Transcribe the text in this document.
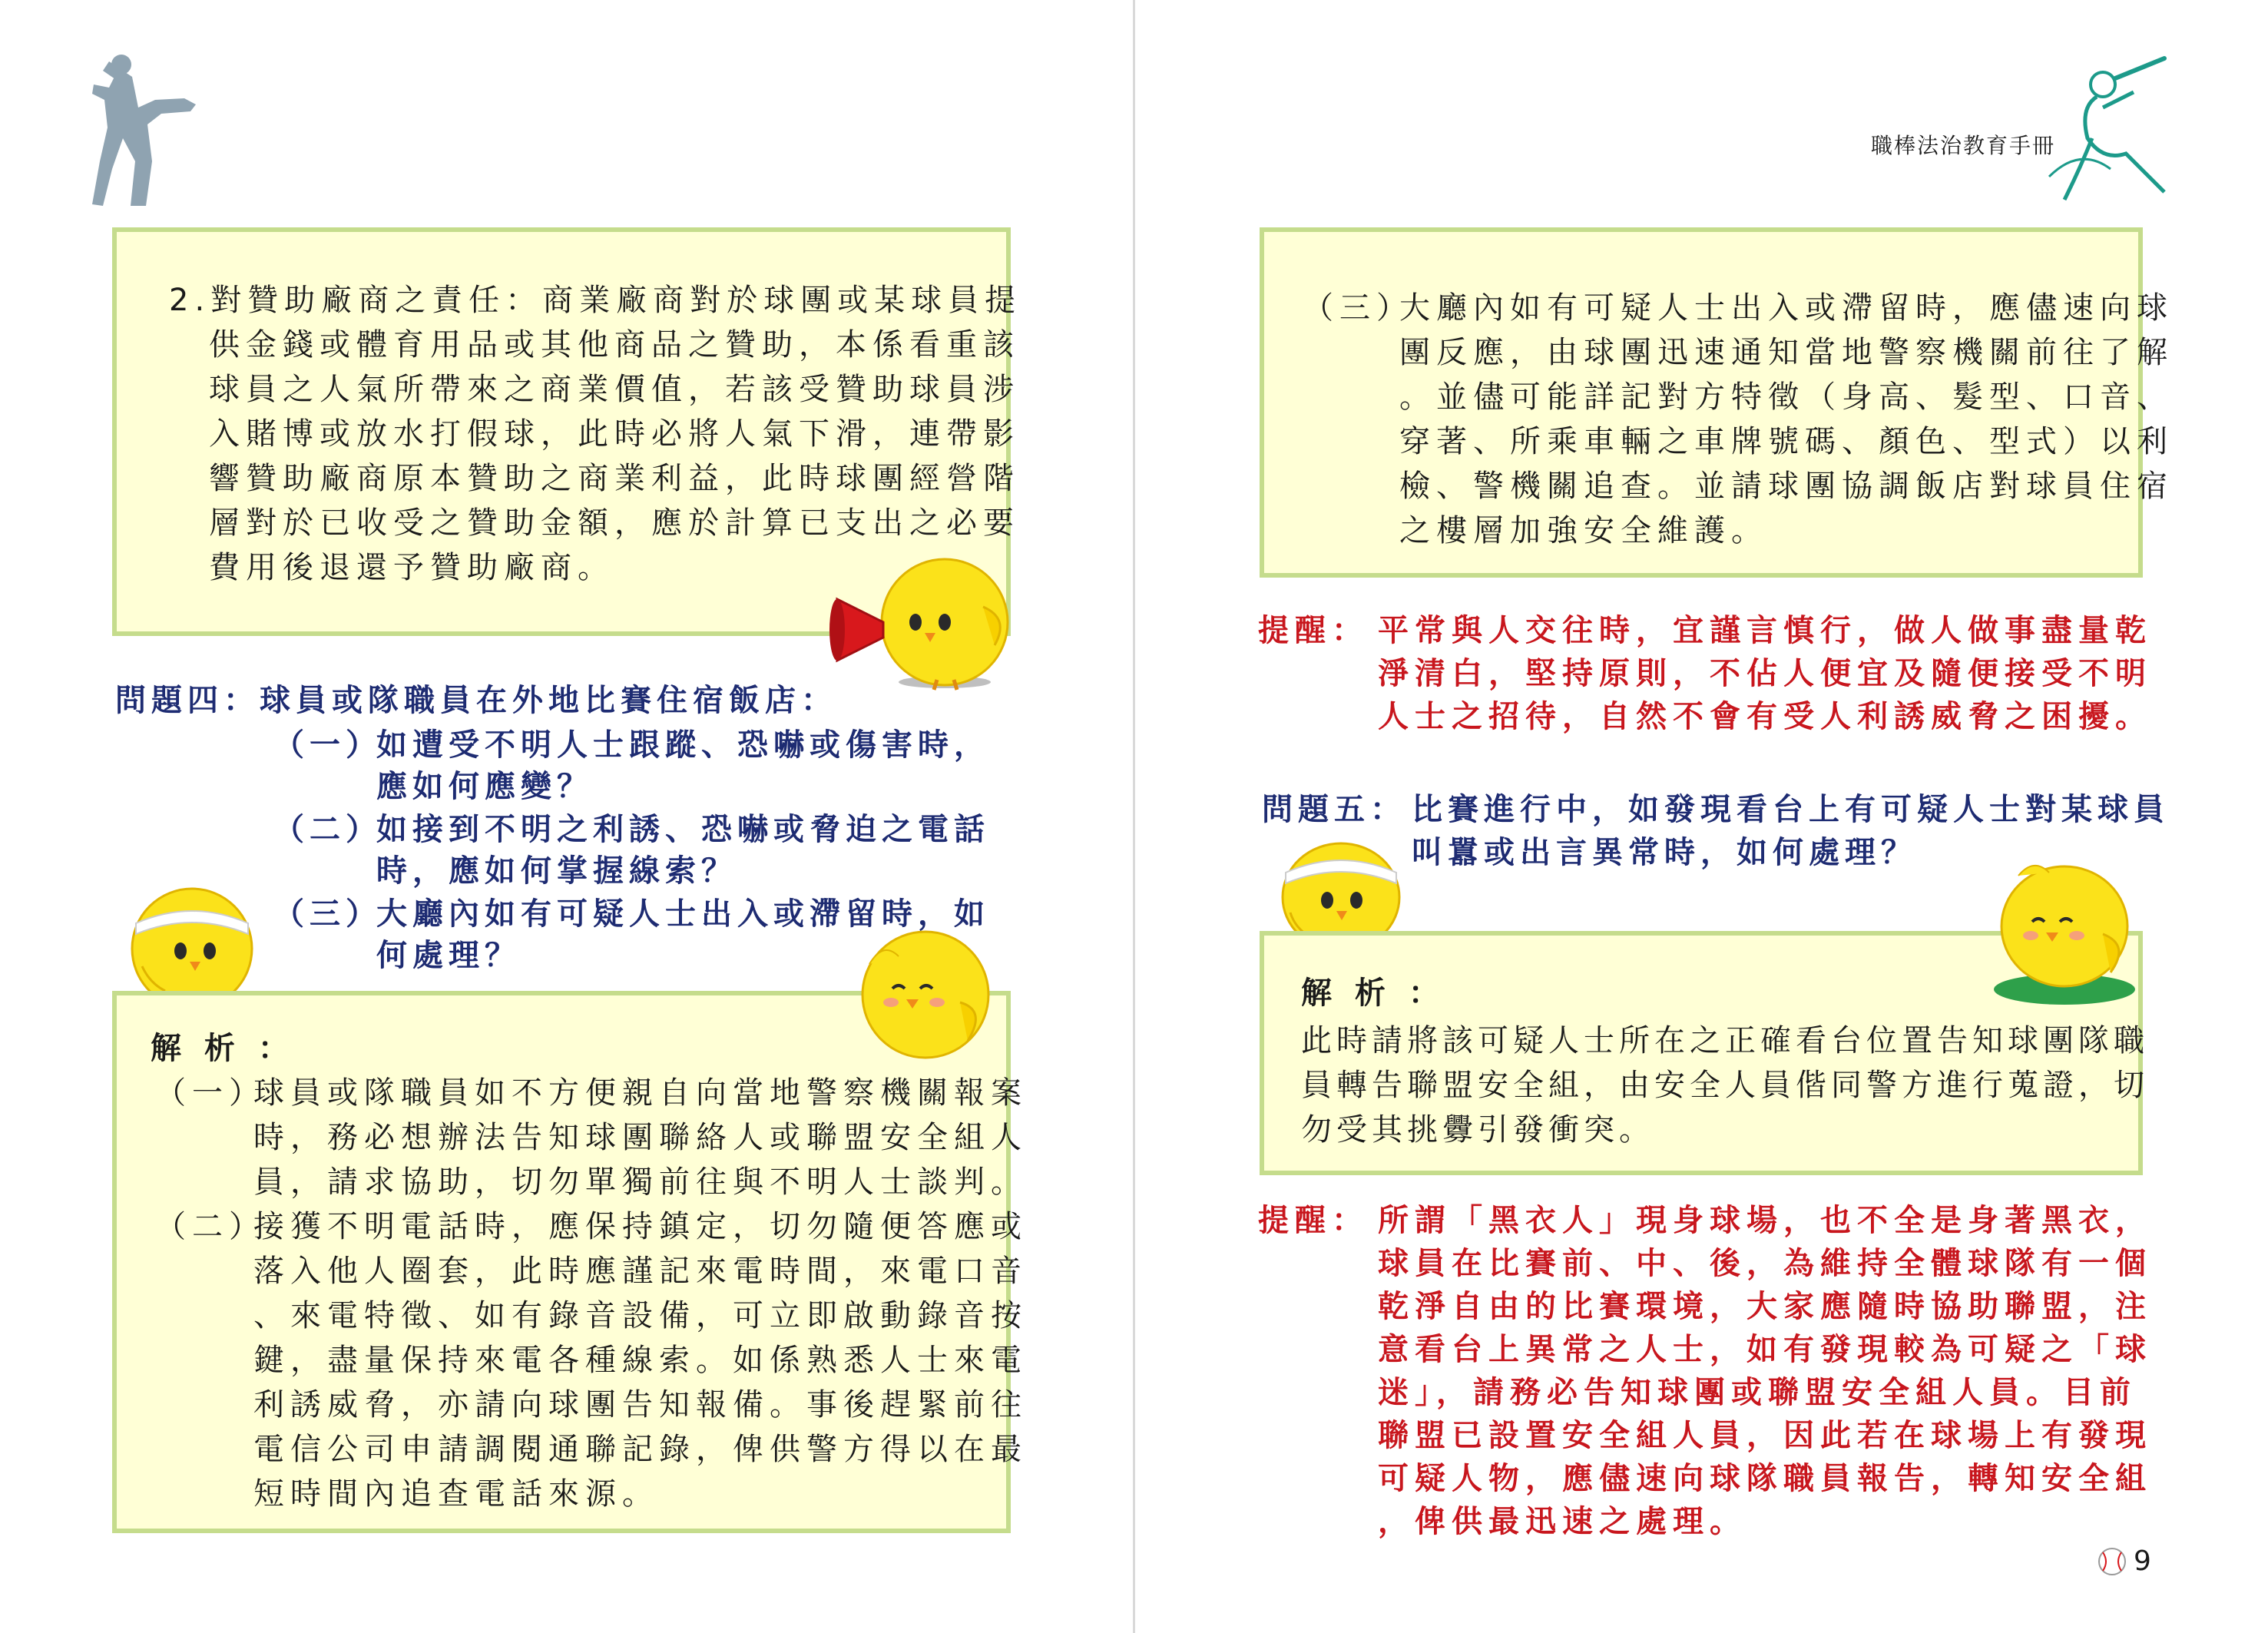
2.對贊助廠商之責任：商業廠商對於球團或某球員提
供金錢或體育用品或其他商品之贊助，本係看重該
球員之人氣所帶來之商業價值，若該受贊助球員涉
入賭博或放水打假球，此時必將人氣下滑，連帶影
響贊助廠商原本贊助之商業利益，此時球團經營階
層對於已收受之贊助金額，應於計算已支出之必要
費用後退還予贊助廠商。
問題四：球員或隊職員在外地比賽住宿飯店：
（一）
如遭受不明人士跟蹤、恐嚇或傷害時，
應如何應變？
（二）
如接到不明之利誘、恐嚇或脅迫之電話
時，應如何掌握線索？
（三）
大廳內如有可疑人士出入或滯留時，如
何處理？
解 析 ：
（一）
球員或隊職員如不方便親自向當地警察機關報案
時，務必想辦法告知球團聯絡人或聯盟安全組人
員，請求協助，切勿單獨前往與不明人士談判。
（二）
接獲不明電話時，應保持鎮定，切勿隨便答應或
落入他人圈套，此時應謹記來電時間，來電口音
、來電特徵、如有錄音設備，可立即啟動錄音按
鍵，盡量保持來電各種線索。如係熟悉人士來電
利誘威脅，亦請向球團告知報備。事後趕緊前往
電信公司申請調閱通聯記錄，俾供警方得以在最
短時間內追查電話來源。
職棒法治教育手冊
（三）
大廳內如有可疑人士出入或滯留時，應儘速向球
團反應，由球團迅速通知當地警察機關前往了解
。並儘可能詳記對方特徵（身高、髮型、口音、
穿著、所乘車輛之車牌號碼、顏色、型式）以利
檢、警機關追查。並請球團協調飯店對球員住宿
之樓層加強安全維護。
提醒： 平常與人交往時，宜謹言慎行，做人做事盡量乾
淨清白，堅持原則，不佔人便宜及隨便接受不明
人士之招待，自然不會有受人利誘威脅之困擾。
問題五： 比賽進行中，如發現看台上有可疑人士對某球員
叫囂或出言異常時，如何處理？
解 析 ：
此時請將該可疑人士所在之正確看台位置告知球團隊職
員轉告聯盟安全組，由安全人員偕同警方進行蒐證，切
勿受其挑釁引發衝突。
提醒： 所謂「黑衣人」現身球場，也不全是身著黑衣，
球員在比賽前、中、後，為維持全體球隊有一個
乾淨自由的比賽環境，大家應隨時協助聯盟，注
意看台上異常之人士，如有發現較為可疑之「球
迷」，請務必告知球團或聯盟安全組人員。目前
聯盟已設置安全組人員，因此若在球場上有發現
可疑人物，應儘速向球隊職員報告，轉知安全組
，俾供最迅速之處理。
9
